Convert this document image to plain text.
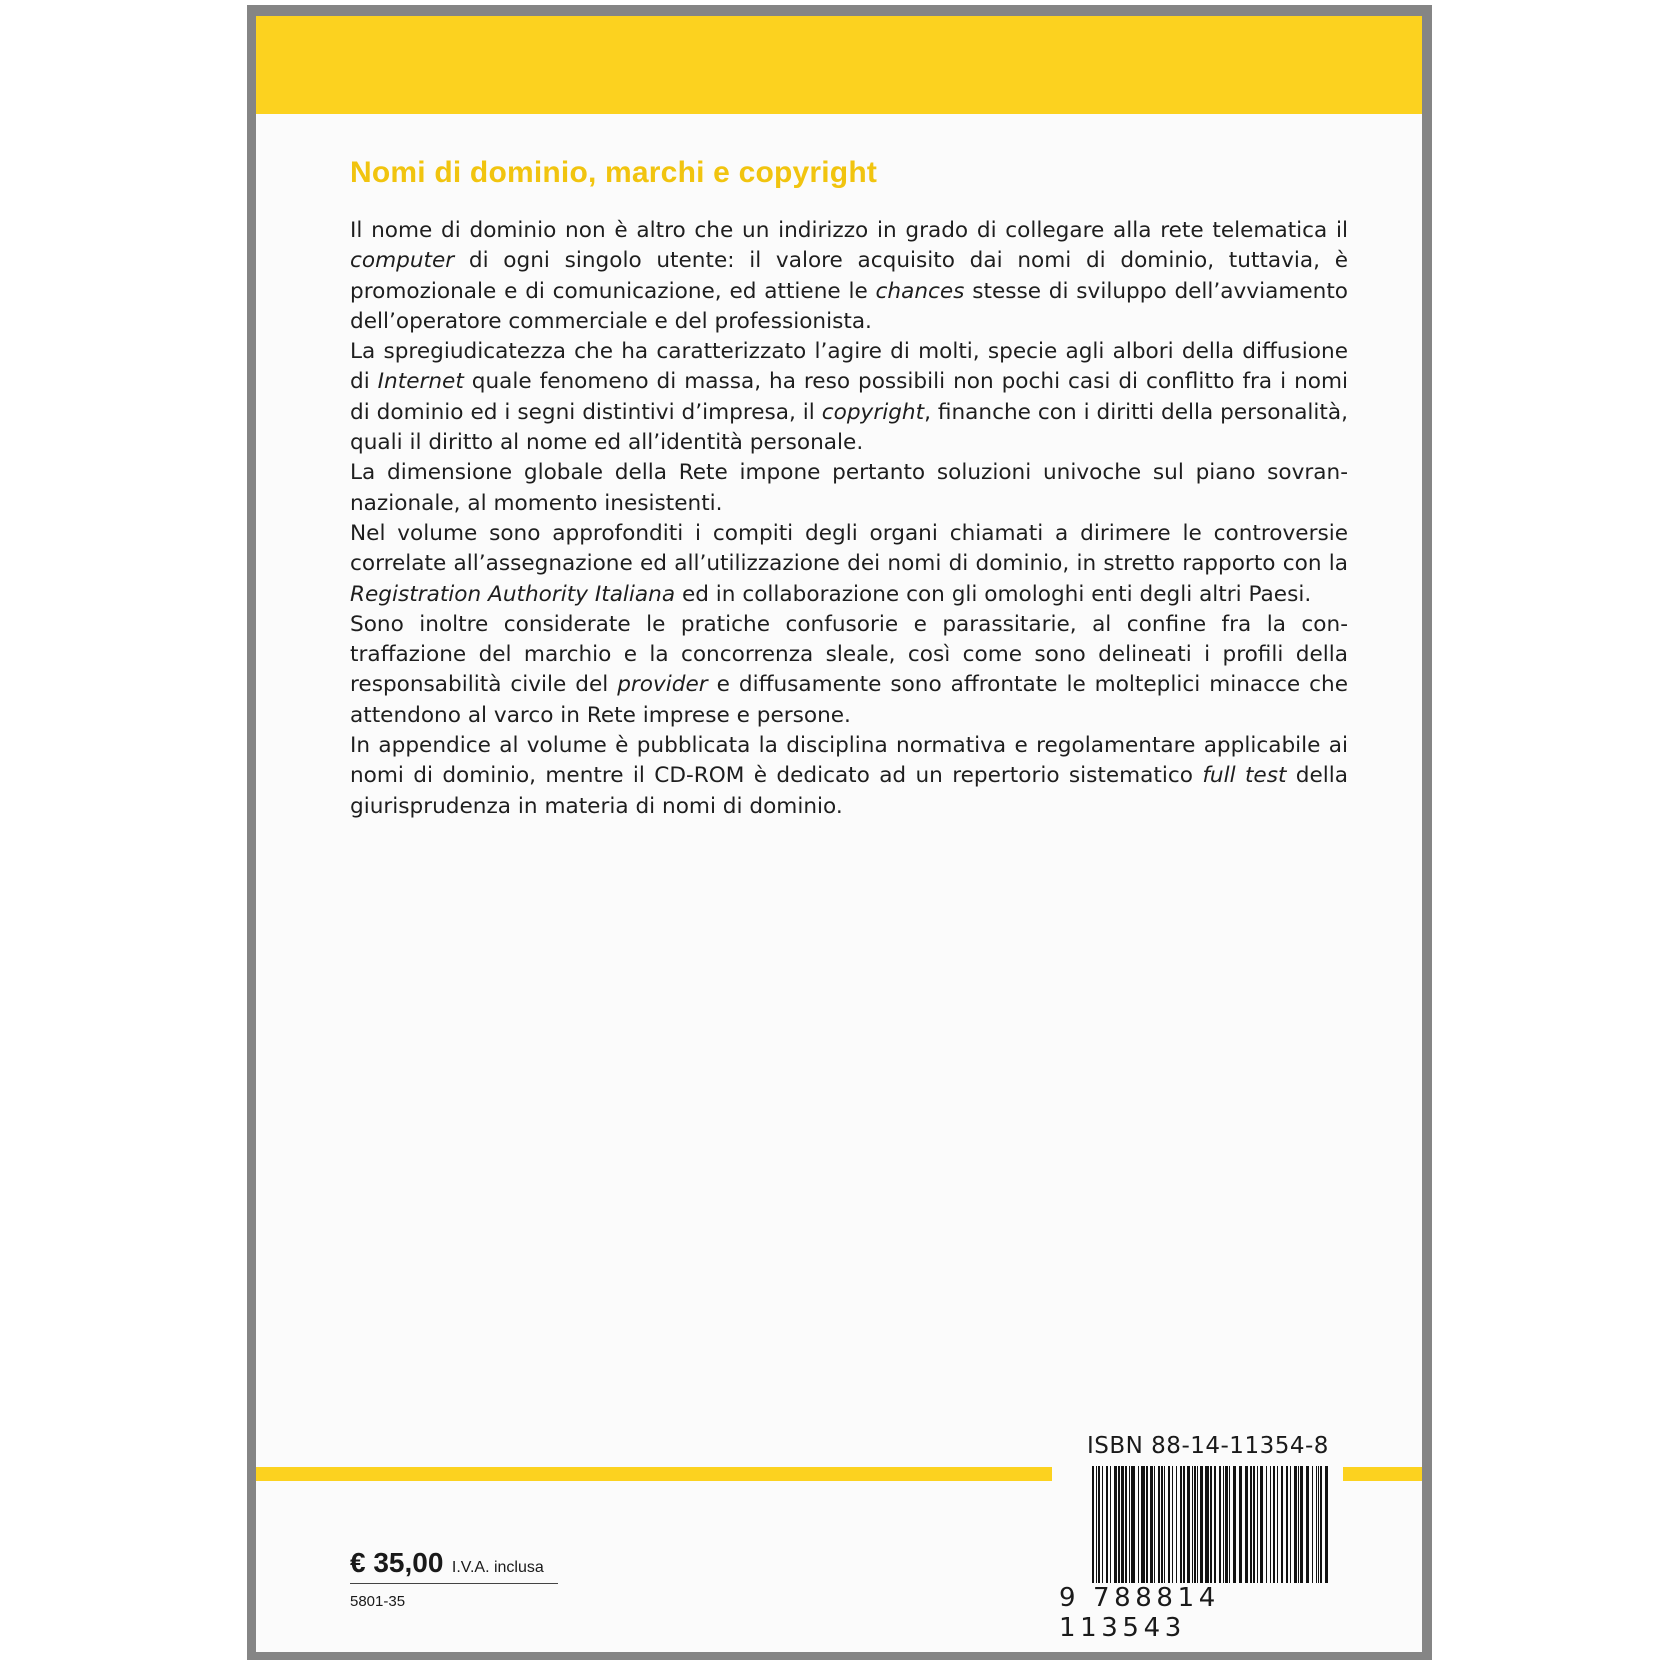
Nomi di dominio, marchi e copyright

Il nome di dominio non è altro che un indirizzo in grado di collegare alla rete telematica il computer di ogni singolo utente: il valore acquisito dai nomi di dominio, tuttavia, è promozionale e di comunicazione, ed attiene le chances stesse di sviluppo dell’avviamento dell’operatore commerciale e del professionista.

La spregiudicatezza che ha caratterizzato l’agire di molti, specie agli albori della diffusione di Internet quale fenomeno di massa, ha reso possibili non pochi casi di conflitto fra i nomi di dominio ed i segni distintivi d’impresa, il copyright, finanche con i diritti della personalità, quali il diritto al nome ed all’identità personale.

La dimensione globale della Rete impone pertanto soluzioni univoche sul piano sovrannazionale, al momento inesistenti.

Nel volume sono approfonditi i compiti degli organi chiamati a dirimere le controversie correlate all’assegnazione ed all’utilizzazione dei nomi di dominio, in stretto rapporto con la Registration Authority Italiana ed in collaborazione con gli omologhi enti degli altri Paesi.

Sono inoltre considerate le pratiche confusorie e parassitarie, al confine fra la contraffazione del marchio e la concorrenza sleale, così come sono delineati i profili della responsabilità civile del provider e diffusamente sono affrontate le molteplici minacce che attendono al varco in Rete imprese e persone.

In appendice al volume è pubblicata la disciplina normativa e regolamentare applicabile ai nomi di dominio, mentre il CD-ROM è dedicato ad un repertorio sistematico full test della giurisprudenza in materia di nomi di dominio.

ISBN 88-14-11354-8
9 788814 113543
€ 35,00 I.V.A. inclusa
5801-35
